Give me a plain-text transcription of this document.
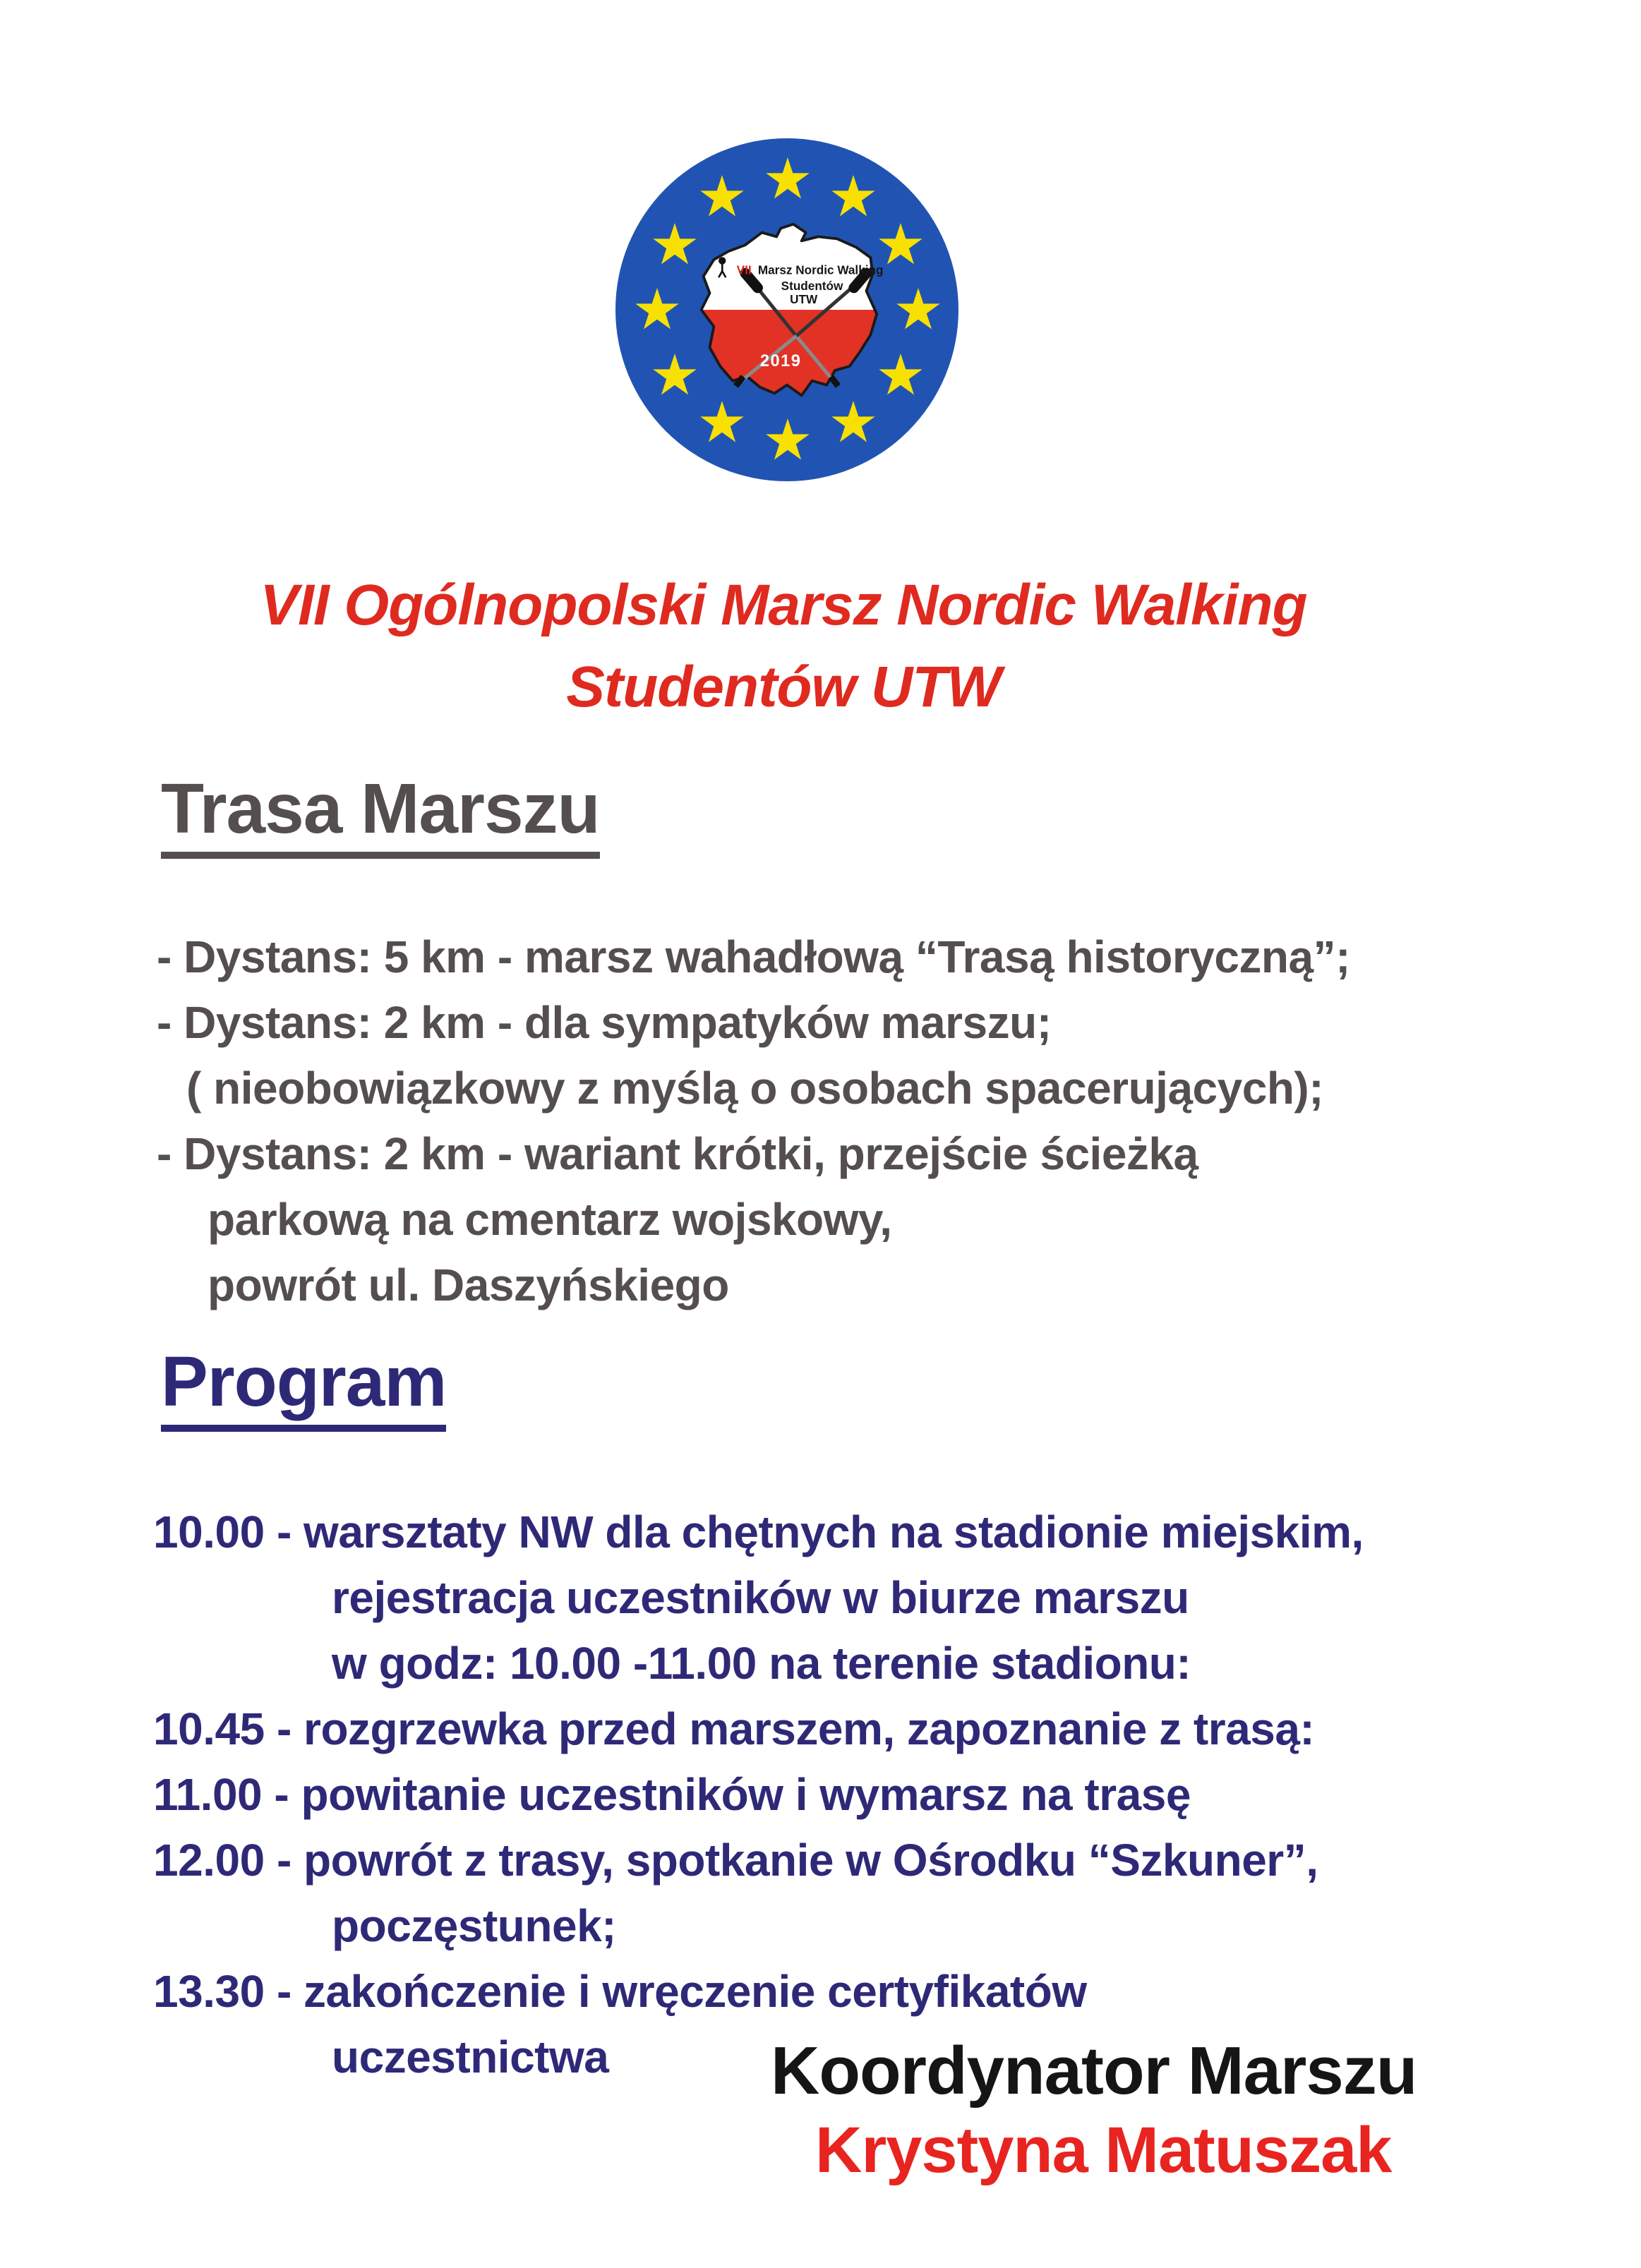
★ ★
★
★
★
★
★
★
★
★
★
★
VII Marsz Nordic Walking
Studentów
UTW
2019
VII Ogólnopolski Marsz Nordic Walking
Studentów UTW
Trasa Marszu
- Dystans: 5 km - marsz wahadłową “Trasą historyczną”;
- Dystans: 2 km - dla sympatyków marszu;
( nieobowiązkowy z myślą o osobach spacerujących);
- Dystans: 2 km - wariant krótki, przejście ścieżką
parkową na cmentarz wojskowy,
powrót ul. Daszyńskiego
Program
10.00 - warsztaty NW dla chętnych na stadionie miejskim,
rejestracja uczestników w biurze marszu
w godz: 10.00 -11.00 na terenie stadionu:
10.45 - rozgrzewka przed marszem, zapoznanie z trasą:
11.00 - powitanie uczestników i wymarsz na trasę
12.00 - powrót z trasy, spotkanie w Ośrodku “Szkuner”,
poczęstunek;
13.30 - zakończenie i wręczenie certyfikatów
uczestnictwa	Koordynator Marszu
Krystyna Matuszak
